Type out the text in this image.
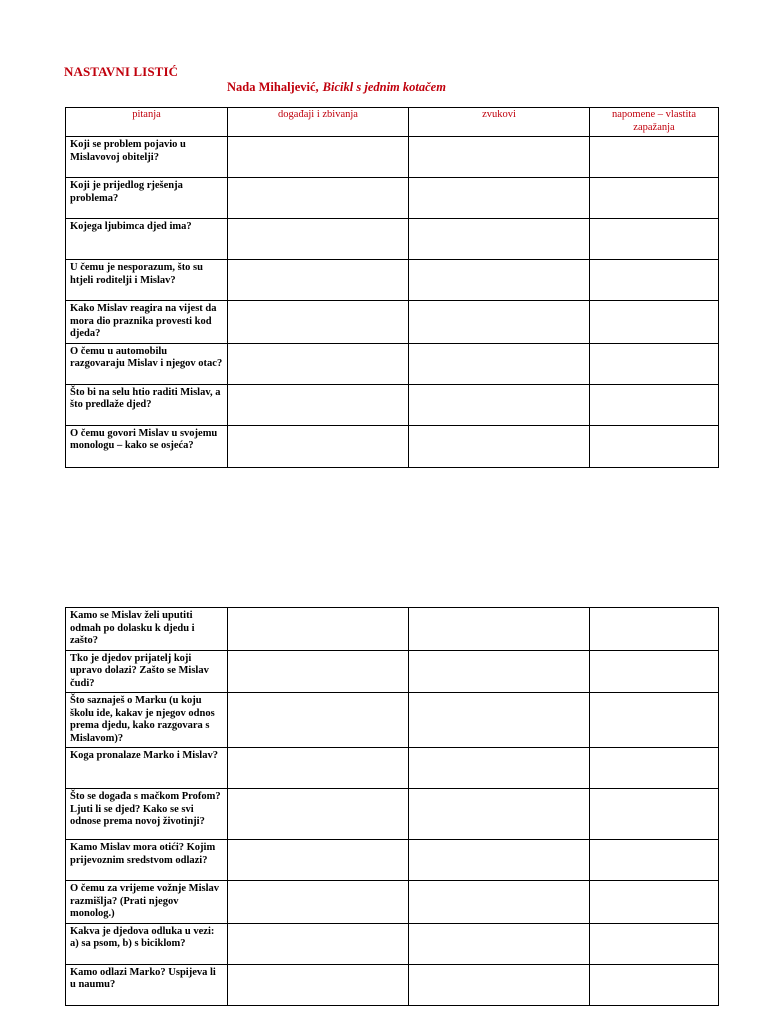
NASTAVNI LISTIĆ
Nada Mihaljević, Bicikl s jednim kotačem
pitanja	događaji i zbivanja	zvukovi	napomene – vlastita zapažanja
Koji se problem pojavio u Mislavovoj obitelji?			
Koji je prijedlog rješenja problema?			
Kojega ljubimca djed ima?			
U čemu je nesporazum, što su htjeli roditelji i Mislav?			
Kako Mislav reagira na vijest da mora dio praznika provesti kod djeda?			
O čemu u automobilu razgovaraju Mislav i njegov otac?			
Što bi na selu htio raditi Mislav, a što predlaže djed?			
O čemu govori Mislav u svojemu monologu – kako se osjeća?			
Kamo se Mislav želi uputiti odmah po dolasku k djedu i zašto?			
Tko je djedov prijatelj koji upravo dolazi? Zašto se Mislav čudi?			
Što saznaješ o Marku (u koju školu ide, kakav je njegov odnos prema djedu, kako razgovara s Mislavom)?			
Koga pronalaze Marko i Mislav?			
Što se događa s mačkom Profom? Ljuti li se djed? Kako se svi odnose prema novoj životinji?			
Kamo Mislav mora otići? Kojim prijevoznim sredstvom odlazi?			
O čemu za vrijeme vožnje Mislav razmišlja? (Prati njegov monolog.)			
Kakva je djedova odluka u vezi: a) sa psom, b) s biciklom?			
Kamo odlazi Marko? Uspijeva li u naumu?			
